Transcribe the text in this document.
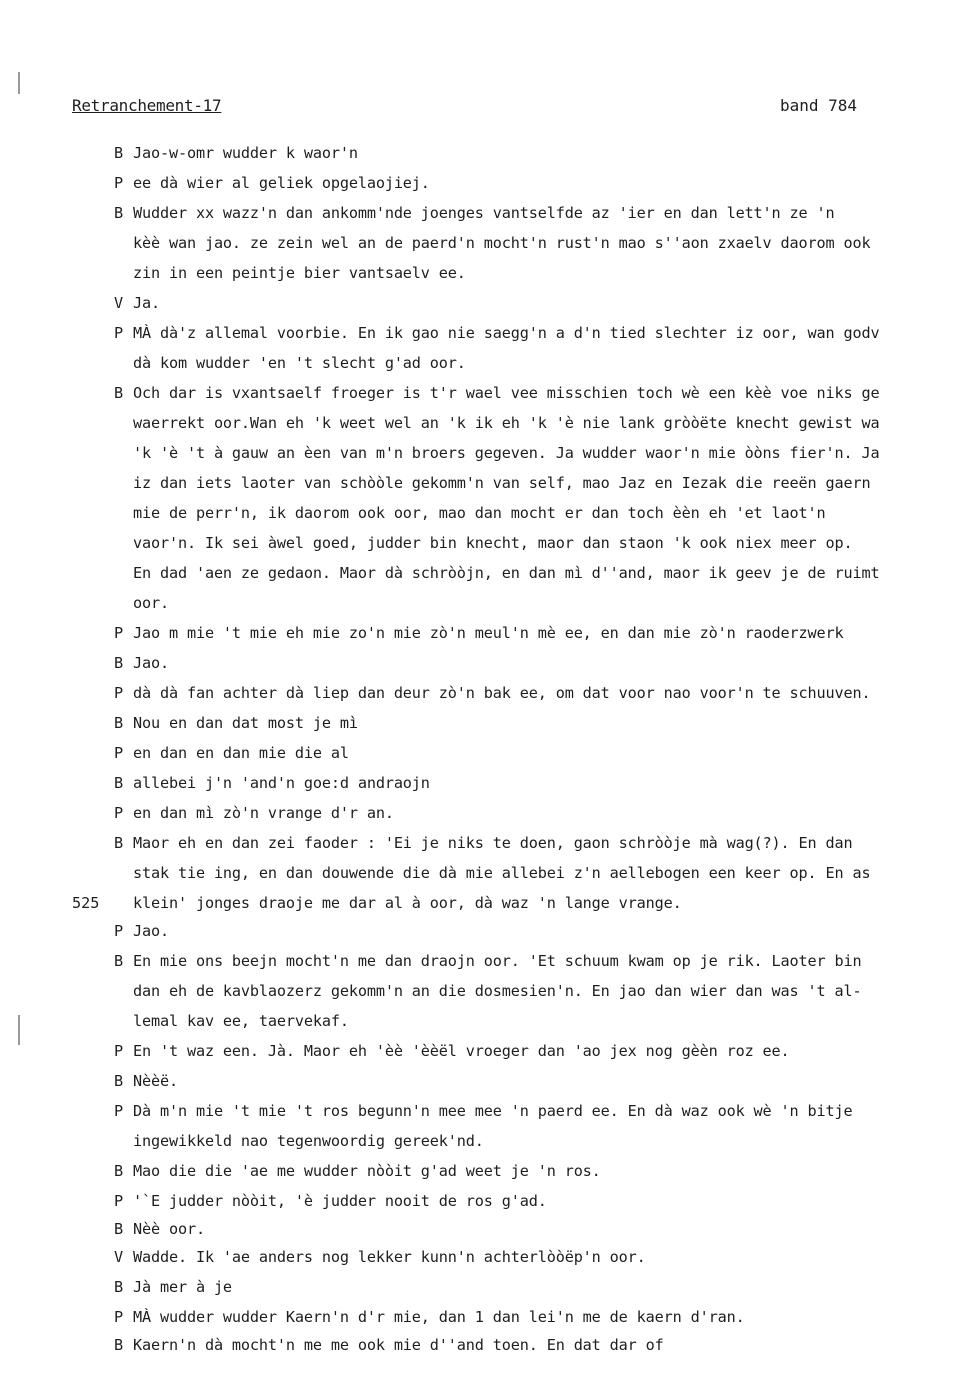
Retranchement-17	band 784
B Jao-w-omr wudder k waor'n
P ee dà wier al geliek opgelaojiej.
B Wudder xx wazz'n dan ankomm'nde joenges vantselfde az 'ier en dan lett'n ze 'n
kèè wan jao. ze zein wel an de paerd'n mocht'n rust'n mao s''aon zxaelv daorom ook
zin in een peintje bier vantsaelv ee.
V Ja.
P MÀ dà'z allemal voorbie. En ik gao nie saegg'n a d'n tied slechter iz oor, wan godv
dà kom wudder 'en 't slecht g'ad oor.
B Och dar is vxantsaelf froeger is t'r wael vee misschien toch wè een kèè voe niks ge
waerrekt oor.Wan eh 'k weet wel an 'k ik eh 'k 'è nie lank gròòëte knecht gewist wa
'k 'è 't à gauw an èen van m'n broers gegeven. Ja wudder waor'n mie òòns fier'n. Ja
iz dan iets laoter van schòòle gekomm'n van self, mao Jaz en Iezak die reeën gaern
mie de perr'n, ik daorom ook oor, mao dan mocht er dan toch èèn eh 'et laot'n
vaor'n. Ik sei àwel goed, judder bin knecht, maor dan staon 'k ook niex meer op.
En dad 'aen ze gedaon. Maor dà schròòjn, en dan mì d''and, maor ik geev je de ruimt
oor.
P Jao m mie 't mie eh mie zo'n mie zò'n meul'n mè ee, en dan mie zò'n raoderzwerk
B Jao.
P dà dà fan achter dà liep dan deur zò'n bak ee, om dat voor nao voor'n te schuuven.
B Nou en dan dat most je mì
P en dan en dan mie die al
B allebei j'n 'and'n goe:d andraojn
P en dan mì zò'n vrange d'r an.
B Maor eh en dan zei faoder : 'Ei je niks te doen, gaon schròòje mà wag(?). En dan
stak tie ing, en dan douwende die dà mie allebei z'n aellebogen een keer op. En as
525 klein' jonges draoje me dar al à oor, dà waz 'n lange vrange.
P Jao.
B En mie ons beejn mocht'n me dan draojn oor. 'Et schuum kwam op je rik. Laoter bin
dan eh de kavblaozerz gekomm'n an die dosmesien'n. En jao dan wier dan was 't al-
lemal kav ee, taervekaf.
P En 't waz een. Jà. Maor eh 'èè 'èèël vroeger dan 'ao jex nog gèèn roz ee.
B Nèèë.
P Dà m'n mie 't mie 't ros begunn'n mee mee 'n paerd ee. En dà waz ook wè 'n bitje
ingewikkeld nao tegenwoordig gereek'nd.
B Mao die die 'ae me wudder nòòit g'ad weet je 'n ros.
P '`E judder nòòit, 'è judder nooit de ros g'ad.
B Nèè oor.
V Wadde. Ik 'ae anders nog lekker kunn'n achterlòòëp'n oor.
B Jà mer à je
P MÀ wudder wudder Kaern'n d'r mie, dan 1 dan lei'n me de kaern d'ran.
B Kaern'n dà mocht'n me me ook mie d''and toen. En dat dar of
